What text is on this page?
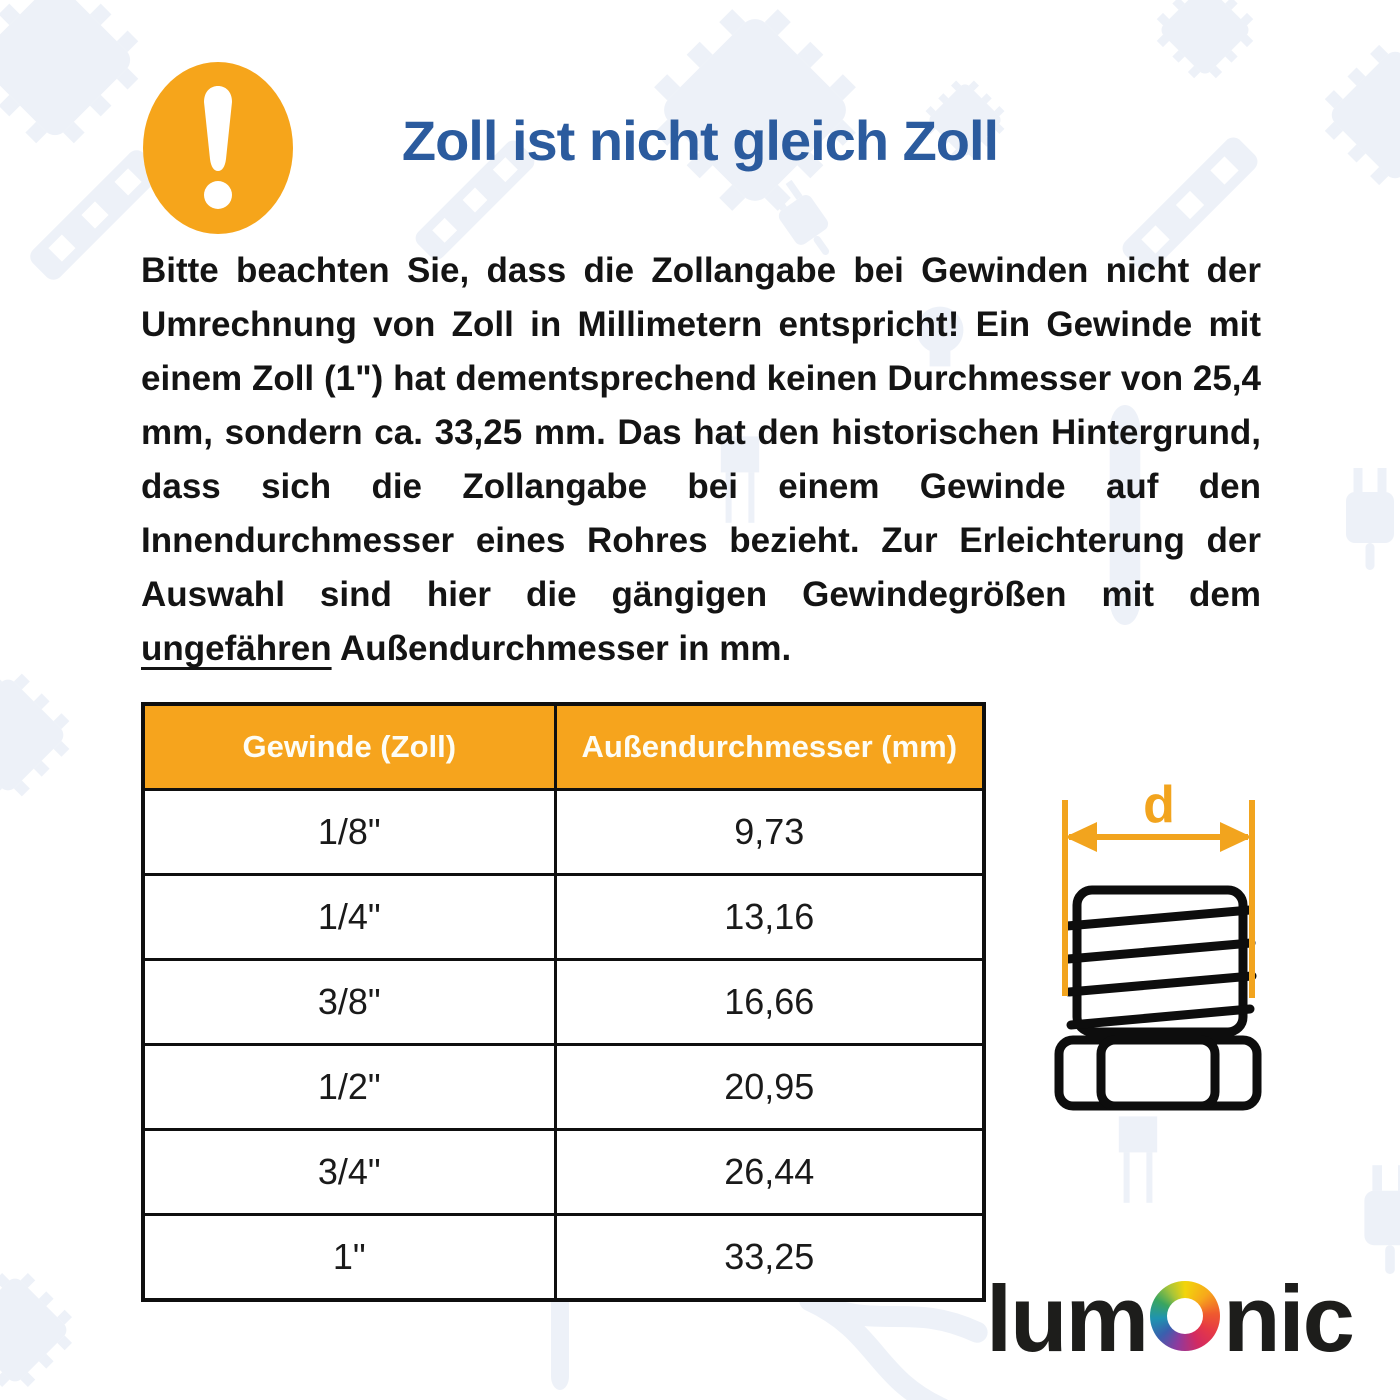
Zoll ist nicht gleich Zoll
Bitte beachten Sie, dass die Zollangabe bei Gewinden nicht der Umrechnung von Zoll in Millimetern entspricht! Ein Gewinde mit einem Zoll (1") hat dementsprechend keinen Durchmesser von 25,4 mm, sondern ca. 33,25 mm. Das hat den historischen Hintergrund, dass sich die Zollangabe bei einem Gewinde auf den Innendurchmesser eines Rohres bezieht. Zur Erleichterung der Auswahl sind hier die gängigen Gewindegrößen mit dem ungefähren Außendurchmesser in mm.
Gewinde (Zoll)	Außendurchmesser (mm)
1/8"	9,73
1/4"	13,16
3/8"	16,66
1/2"	20,95
3/4"	26,44
1"	33,25
d
lum nic
